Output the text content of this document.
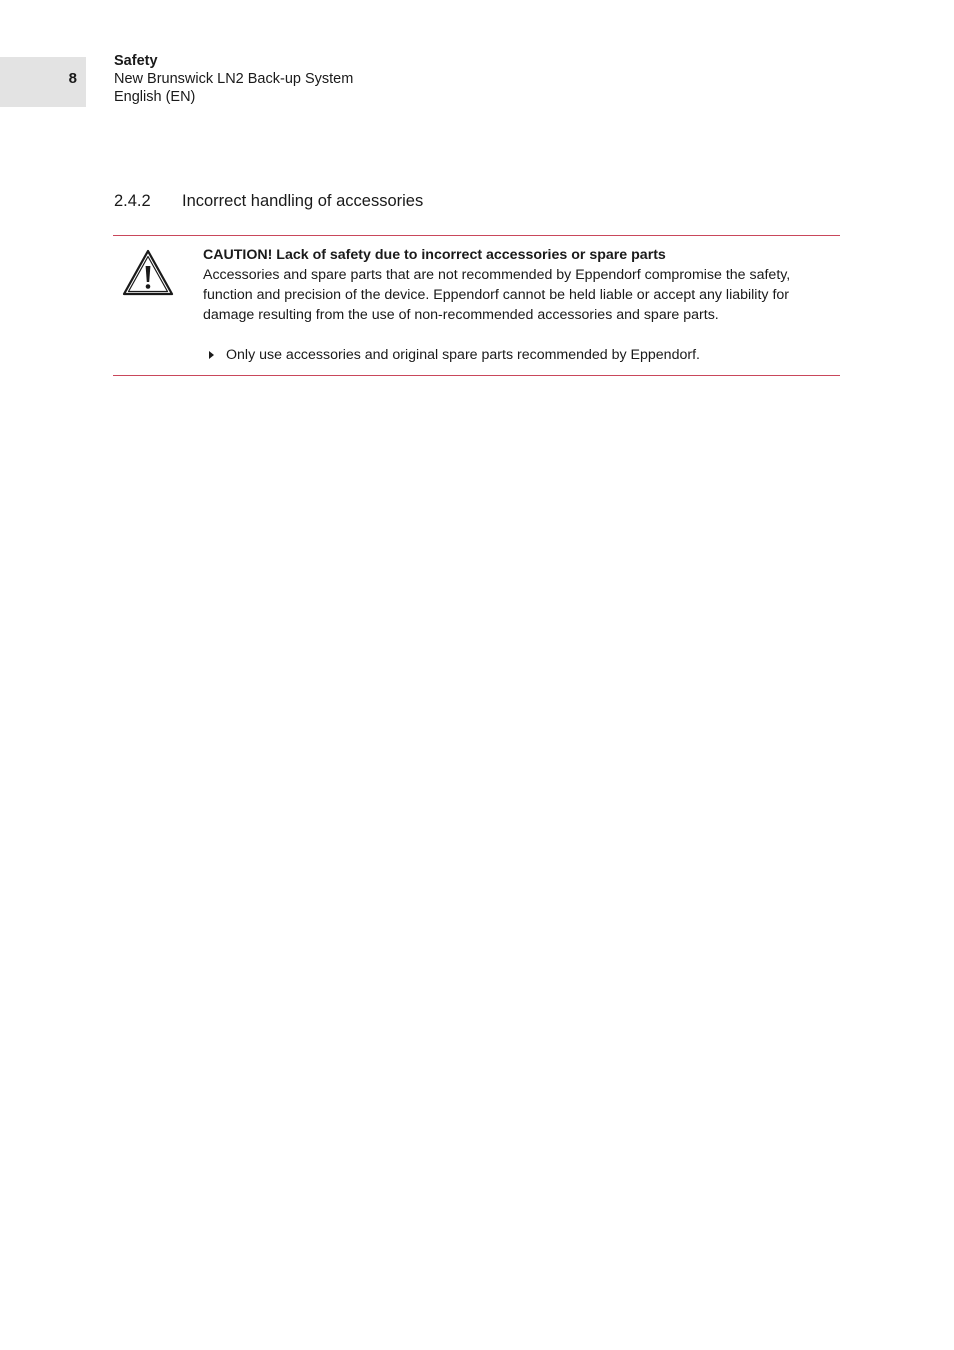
8
Safety
New Brunswick LN2 Back-up System
English (EN)
2.4.2 Incorrect handling of accessories
CAUTION! Lack of safety due to incorrect accessories or spare parts

Accessories and spare parts that are not recommended by Eppendorf compromise the safety, function and precision of the device. Eppendorf cannot be held liable or accept any liability for damage resulting from the use of non-recommended accessories and spare parts.

Only use accessories and original spare parts recommended by Eppendorf.
